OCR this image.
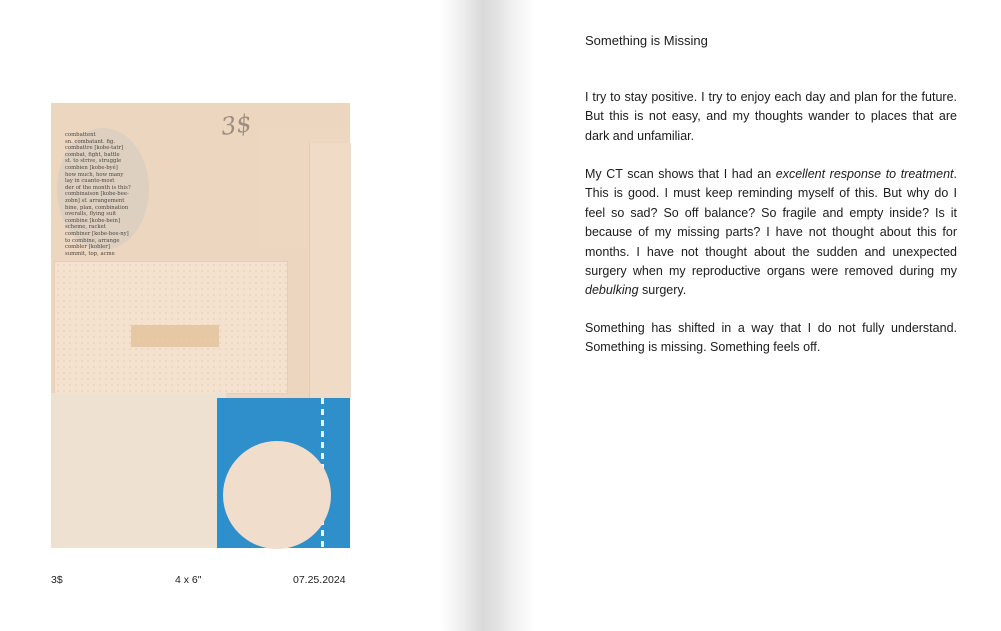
3$
combattent
sn. combatant. fig.
combattre [kobe-tatr]
combat, fight, battle
st. to strive, struggle
combien [kobe-byé]
how much, how many
lay in cuanto-most
der of the month is this?
combinaison [kobe-bee-
zobn] sf. arrangement
bine, plan, combination
overalls, flying suit
combine [kobe-bein]
scheme, racket
combiner [kobe-bee-ny]
to combine, arrange
combler [kobler]
summit, top, acme
3$	4 x 6"	07.25.2024
Something is Missing
I try to stay positive. I try to enjoy each day and plan for the future. But this is not easy, and my thoughts wander to places that are dark and unfamiliar.
My CT scan shows that I had an excellent response to treatment. This is good. I must keep reminding myself of this. But why do I feel so sad? So off balance? So fragile and empty inside? Is it because of my missing parts? I have not thought about this for months. I have not thought about the sudden and unexpected surgery when my reproductive organs were removed during my debulking surgery.
Something has shifted in a way that I do not fully understand. Something is missing. Something feels off.
